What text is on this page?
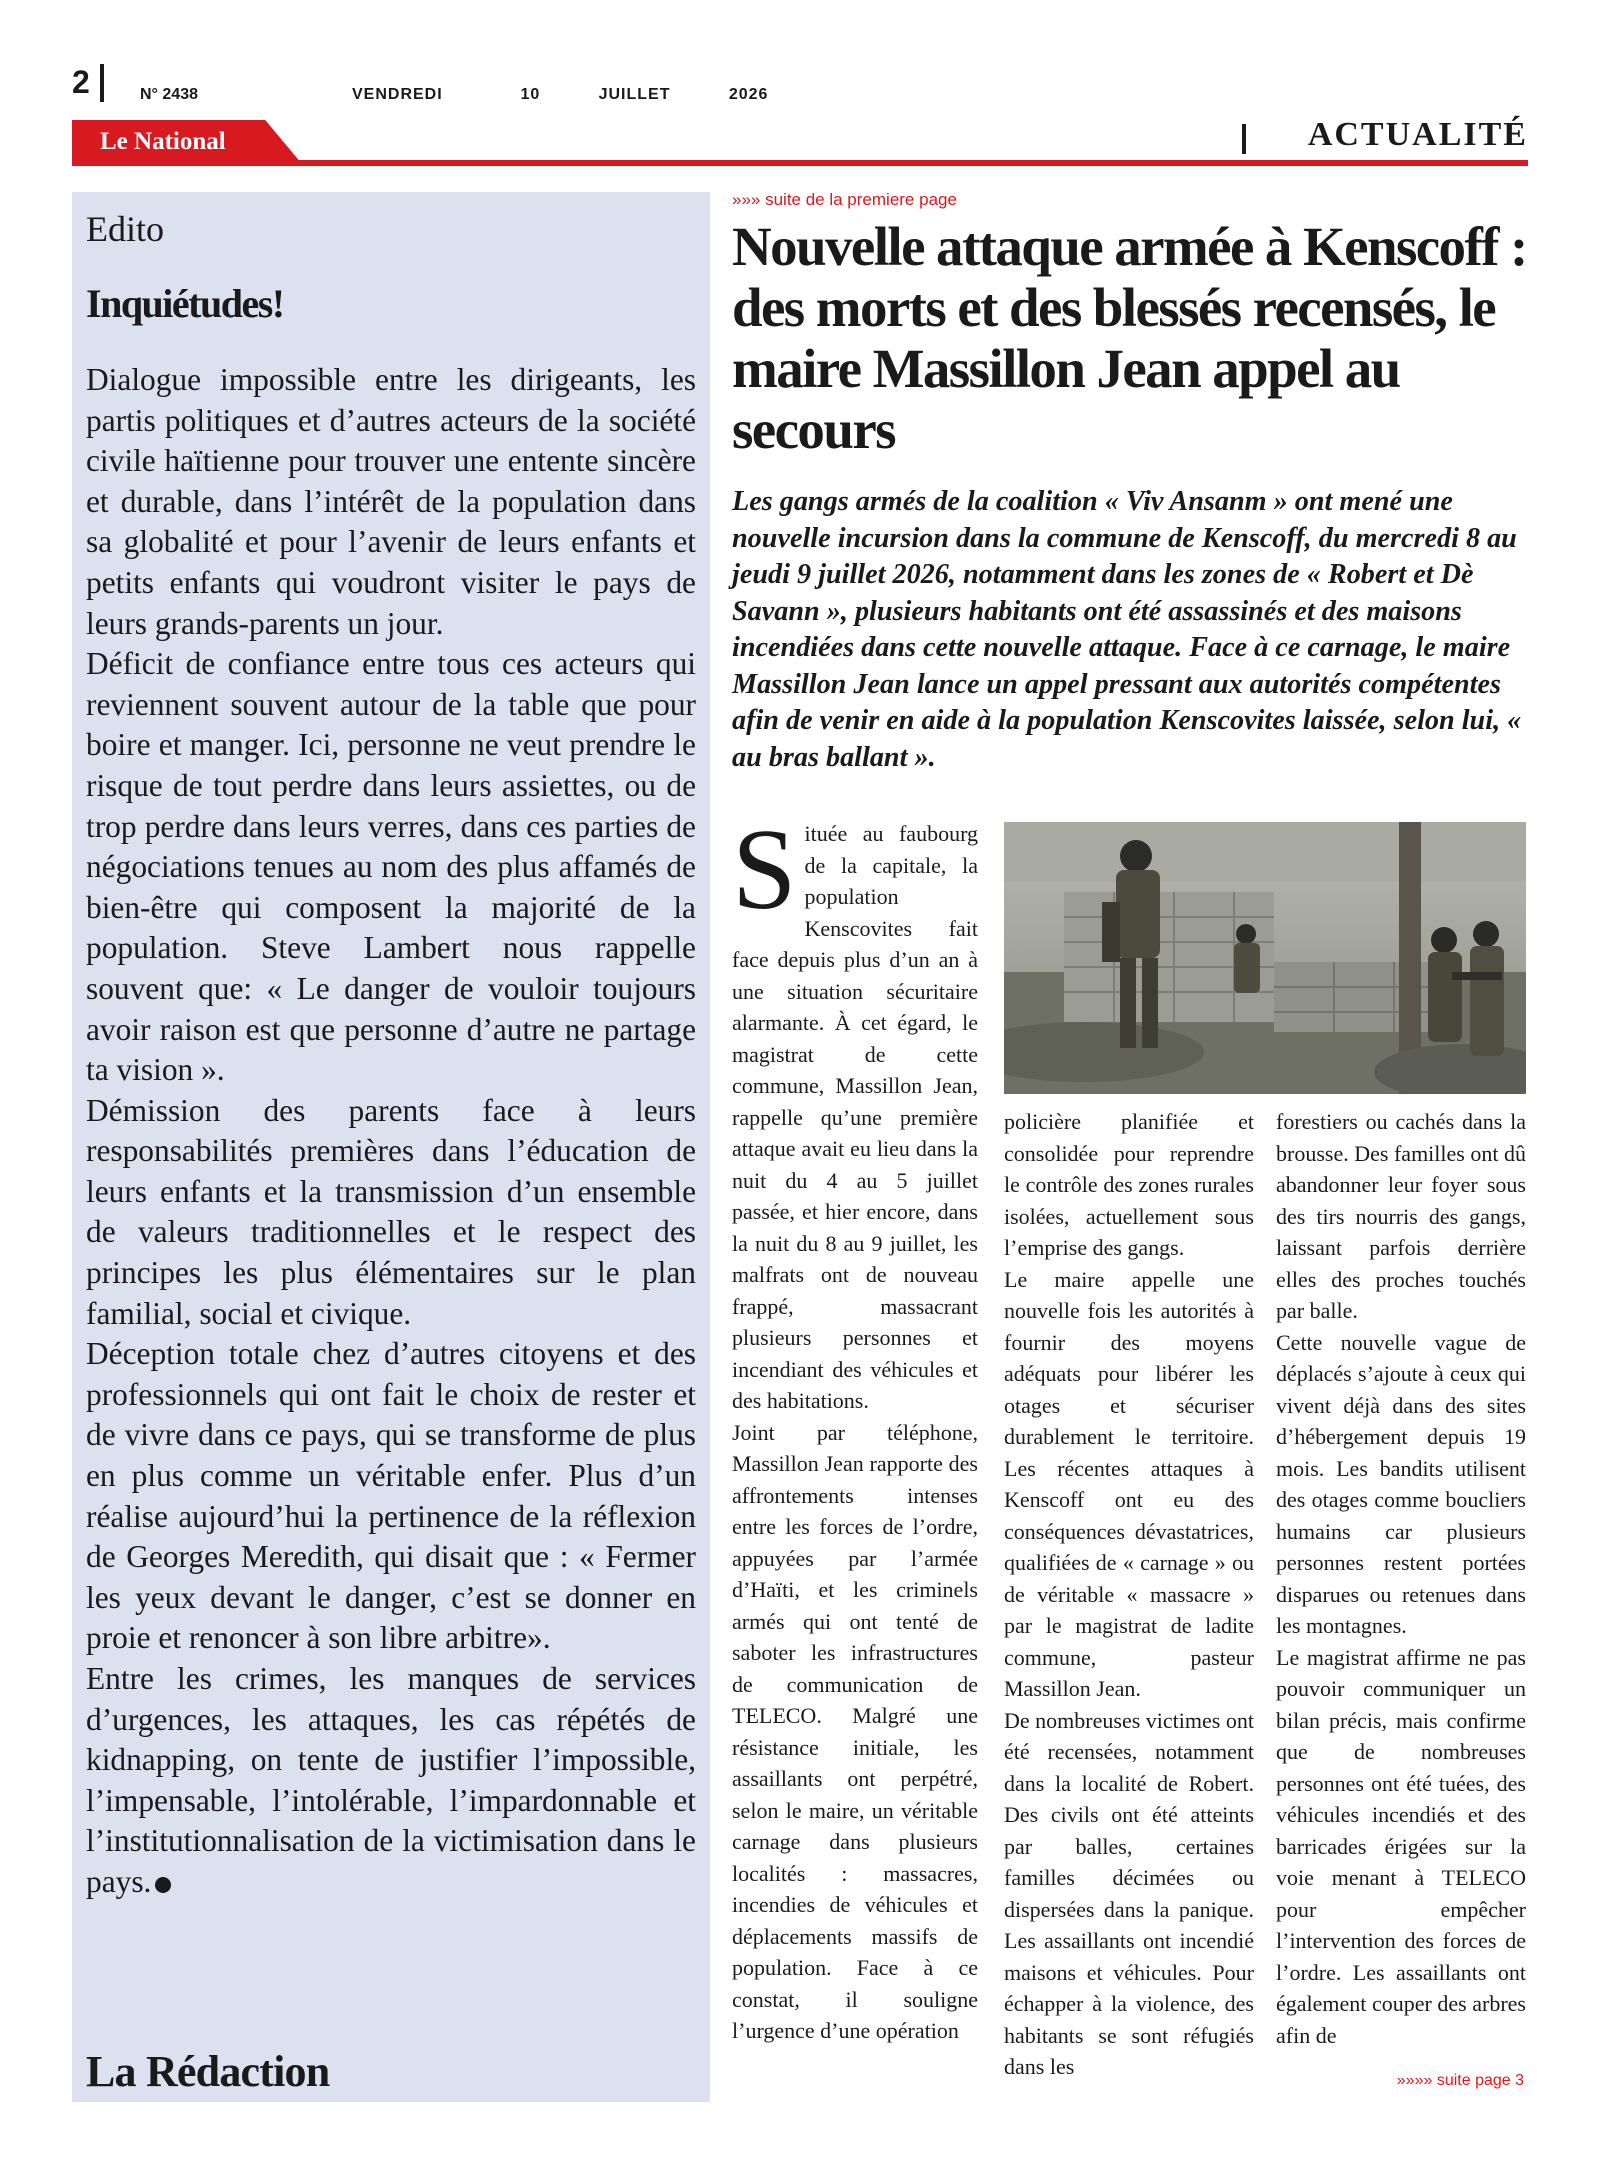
2	N° 2438	VENDREDI    10   JUILLET   2026
Le National	ACTUALITÉ
Edito
Inquiétudes!

Dialogue impossible entre les dirigeants, les partis politiques et d’autres acteurs de la société civile haïtienne pour trouver une entente sincère et durable, dans l’intérêt de la population dans sa globalité et pour l’avenir de leurs enfants et petits enfants qui voudront visiter le pays de leurs grands-parents un jour.

Déficit de confiance entre tous ces acteurs qui reviennent souvent autour de la table que pour boire et manger. Ici, personne ne veut prendre le risque de tout perdre dans leurs assiettes, ou de trop perdre dans leurs verres, dans ces parties de négociations tenues au nom des plus affamés de bien-être qui composent la majorité de la population. Steve Lambert nous rappelle souvent que: « Le danger de vouloir toujours avoir raison est que personne d’autre ne partage ta vision ».

Démission des parents face à leurs responsabilités premières dans l’éducation de leurs enfants et la transmission d’un ensemble de valeurs traditionnelles et le respect des principes les plus élémentaires sur le plan familial, social et civique.

Déception totale chez d’autres citoyens et des professionnels qui ont fait le choix de rester et de vivre dans ce pays, qui se transforme de plus en plus comme un véritable enfer. Plus d’un réalise aujourd’hui la pertinence de la réflexion de Georges Meredith, qui disait que : « Fermer les yeux devant le danger, c’est se donner en proie et renoncer à son libre arbitre».

Entre les crimes, les manques de services d’urgences, les attaques, les cas répétés de kidnapping, on tente de justifier l’impossible, l’impensable, l’intolérable, l’impardonnable et l’institutionnalisation de la victimisation dans le pays.

La Rédaction
»»» suite de la premiere page
Nouvelle attaque armée à Kenscoff : des morts et des blessés recensés, le maire Massillon Jean appel au secours
Les gangs armés de la coalition « Viv Ansanm » ont mené une nouvelle incursion dans la commune de Kenscoff, du mercredi 8 au jeudi 9 juillet 2026, notamment dans les zones de « Robert et Dè Savann », plusieurs habitants ont été assassinés et des maisons incendiées dans cette nouvelle attaque. Face à ce carnage, le maire Massillon Jean lance un appel pressant aux autorités compétentes afin de venir en aide à la population Kenscovites laissée, selon lui, « au bras ballant ».

Située au faubourg de la capitale, la population Kenscovites fait face depuis plus d’un an à une situation sécuritaire alarmante. À cet égard, le magistrat de cette commune, Massillon Jean, rappelle qu’une première attaque avait eu lieu dans la nuit du 4 au 5 juillet passée, et hier encore, dans la nuit du 8 au 9 juillet, les malfrats ont de nouveau frappé, massacrant plusieurs personnes et incendiant des véhicules et des habitations.

Joint par téléphone, Massillon Jean rapporte des affrontements intenses entre les forces de l’ordre, appuyées par l’armée d’Haïti, et les criminels armés qui ont tenté de saboter les infrastructures de communication de TELECO. Malgré une résistance initiale, les assaillants ont perpétré, selon le maire, un véritable carnage dans plusieurs localités : massacres, incendies de véhicules et déplacements massifs de population. Face à ce constat, il souligne l’urgence d’une opération

policière planifiée et consolidée pour reprendre le contrôle des zones rurales isolées, actuellement sous l’emprise des gangs.

Le maire appelle une nouvelle fois les autorités à fournir des moyens adéquats pour libérer les otages et sécuriser durablement le territoire. Les récentes attaques à Kenscoff ont eu des conséquences dévastatrices, qualifiées de « carnage » ou de véritable « massacre » par le magistrat de ladite commune, pasteur Massillon Jean.

De nombreuses victimes ont été recensées, notamment dans la localité de Robert. Des civils ont été atteints par balles, certaines familles décimées ou dispersées dans la panique. Les assaillants ont incendié maisons et véhicules. Pour échapper à la violence, des habitants se sont réfugiés dans les

forestiers ou cachés dans la brousse. Des familles ont dû abandonner leur foyer sous des tirs nourris des gangs, laissant parfois derrière elles des proches touchés par balle.

Cette nouvelle vague de déplacés s’ajoute à ceux qui vivent déjà dans des sites d’hébergement depuis 19 mois. Les bandits utilisent des otages comme boucliers humains car plusieurs personnes restent portées disparues ou retenues dans les montagnes.

Le magistrat affirme ne pas pouvoir communiquer un bilan précis, mais confirme que de nombreuses personnes ont été tuées, des véhicules incendiés et des barricades érigées sur la voie menant à TELECO pour empêcher l’intervention des forces de l’ordre. Les assaillants ont également couper des arbres afin de

»»»» suite page 3
